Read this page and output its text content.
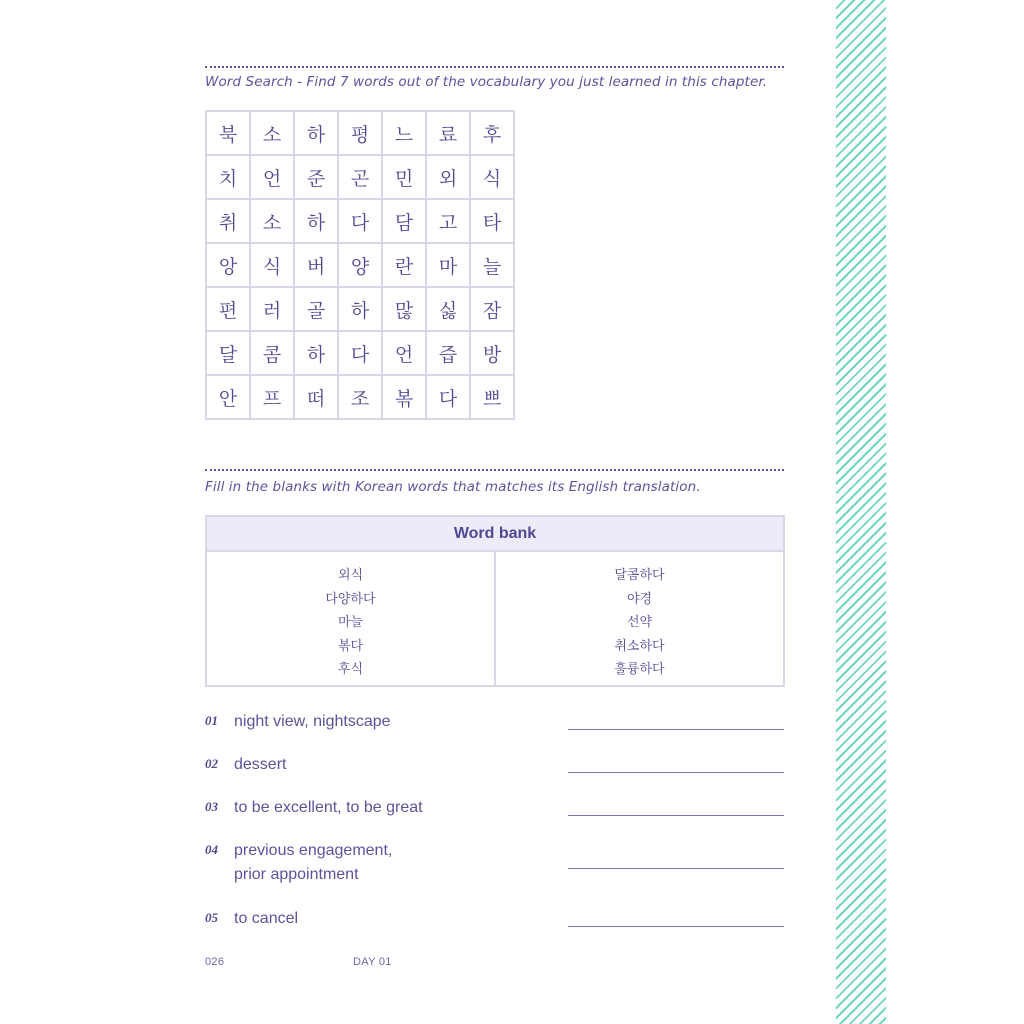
Word Search - Find 7 words out of the vocabulary you just learned in this chapter.
북	소	하	평	느	료	후
치	언	준	곤	민	외	식
취	소	하	다	담	고	타
앙	식	버	양	란	마	늘
편	러	골	하	많	싫	잠
달	콤	하	다	언	즙	방
안	프	떠	조	볶	다	쁘
Fill in the blanks with Korean words that matches its English translation.
Word bank
외식
다양하다
마늘
볶다
후식
달콤하다
야경
선약
취소하다
훌륭하다
01	night view, nightscape
02	dessert
03	to be excellent, to be great
04	previous engagement,
prior appointment
05	to cancel
026	DAY 01
